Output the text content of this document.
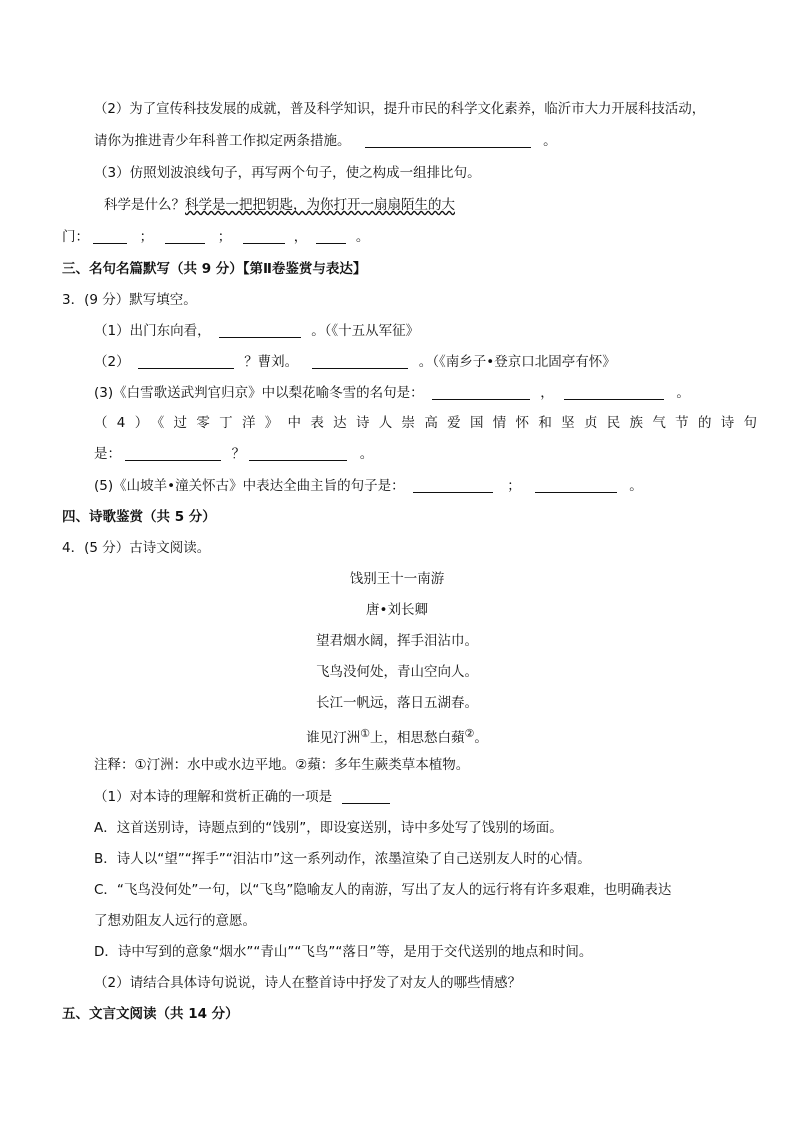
（2）为了宣传科技发展的成就，普及科学知识，提升市民的科学文化素养，临沂市大力开展科技活动，
请你为推进青少年科普工作拟定两条措施。	。
（3）仿照划波浪线句子，再写两个句子，使之构成一组排比句。
科学是什么？科学是一把把钥匙，为你打开一扇扇陌生的大
门：	；	；	，	。
三、名句名篇默写（共 9 分）【第Ⅱ卷鉴赏与表达】
3．(9 分）默写填空。
（1）出门东向看，	。（《十五从军征》
（2）	？曹刘。	。（《南乡子•登京口北固亭有怀》
(3)《白雪歌送武判官归京》中以梨花喻冬雪的名句是：	，	。
（4）《过零丁洋》中表达诗人崇高爱国情怀和坚贞民族气节的诗句
是：	？	。
(5)《山坡羊•潼关怀古》中表达全曲主旨的句子是：	；	。
四、诗歌鉴赏（共 5 分）
4．(5 分）古诗文阅读。
饯别王十一南游
唐•刘长卿
望君烟水阔，挥手泪沾巾。
飞鸟没何处，青山空向人。
长江一帆远，落日五湖春。
谁见汀洲①上，相思愁白蘋②。
注释：①汀洲：水中或水边平地。②蘋：多年生蕨类草本植物。
（1）对本诗的理解和赏析正确的一项是
A．这首送别诗，诗题点到的“饯别”，即设宴送别，诗中多处写了饯别的场面。
B．诗人以“望”“挥手”“泪沾巾”这一系列动作，浓墨渲染了自己送别友人时的心情。
C．“飞鸟没何处”一句，以“飞鸟”隐喻友人的南游，写出了友人的远行将有许多艰难，也明确表达
了想劝阻友人远行的意愿。
D．诗中写到的意象“烟水”“青山”“飞鸟”“落日”等，是用于交代送别的地点和时间。
（2）请结合具体诗句说说，诗人在整首诗中抒发了对友人的哪些情感？
五、文言文阅读（共 14 分）
